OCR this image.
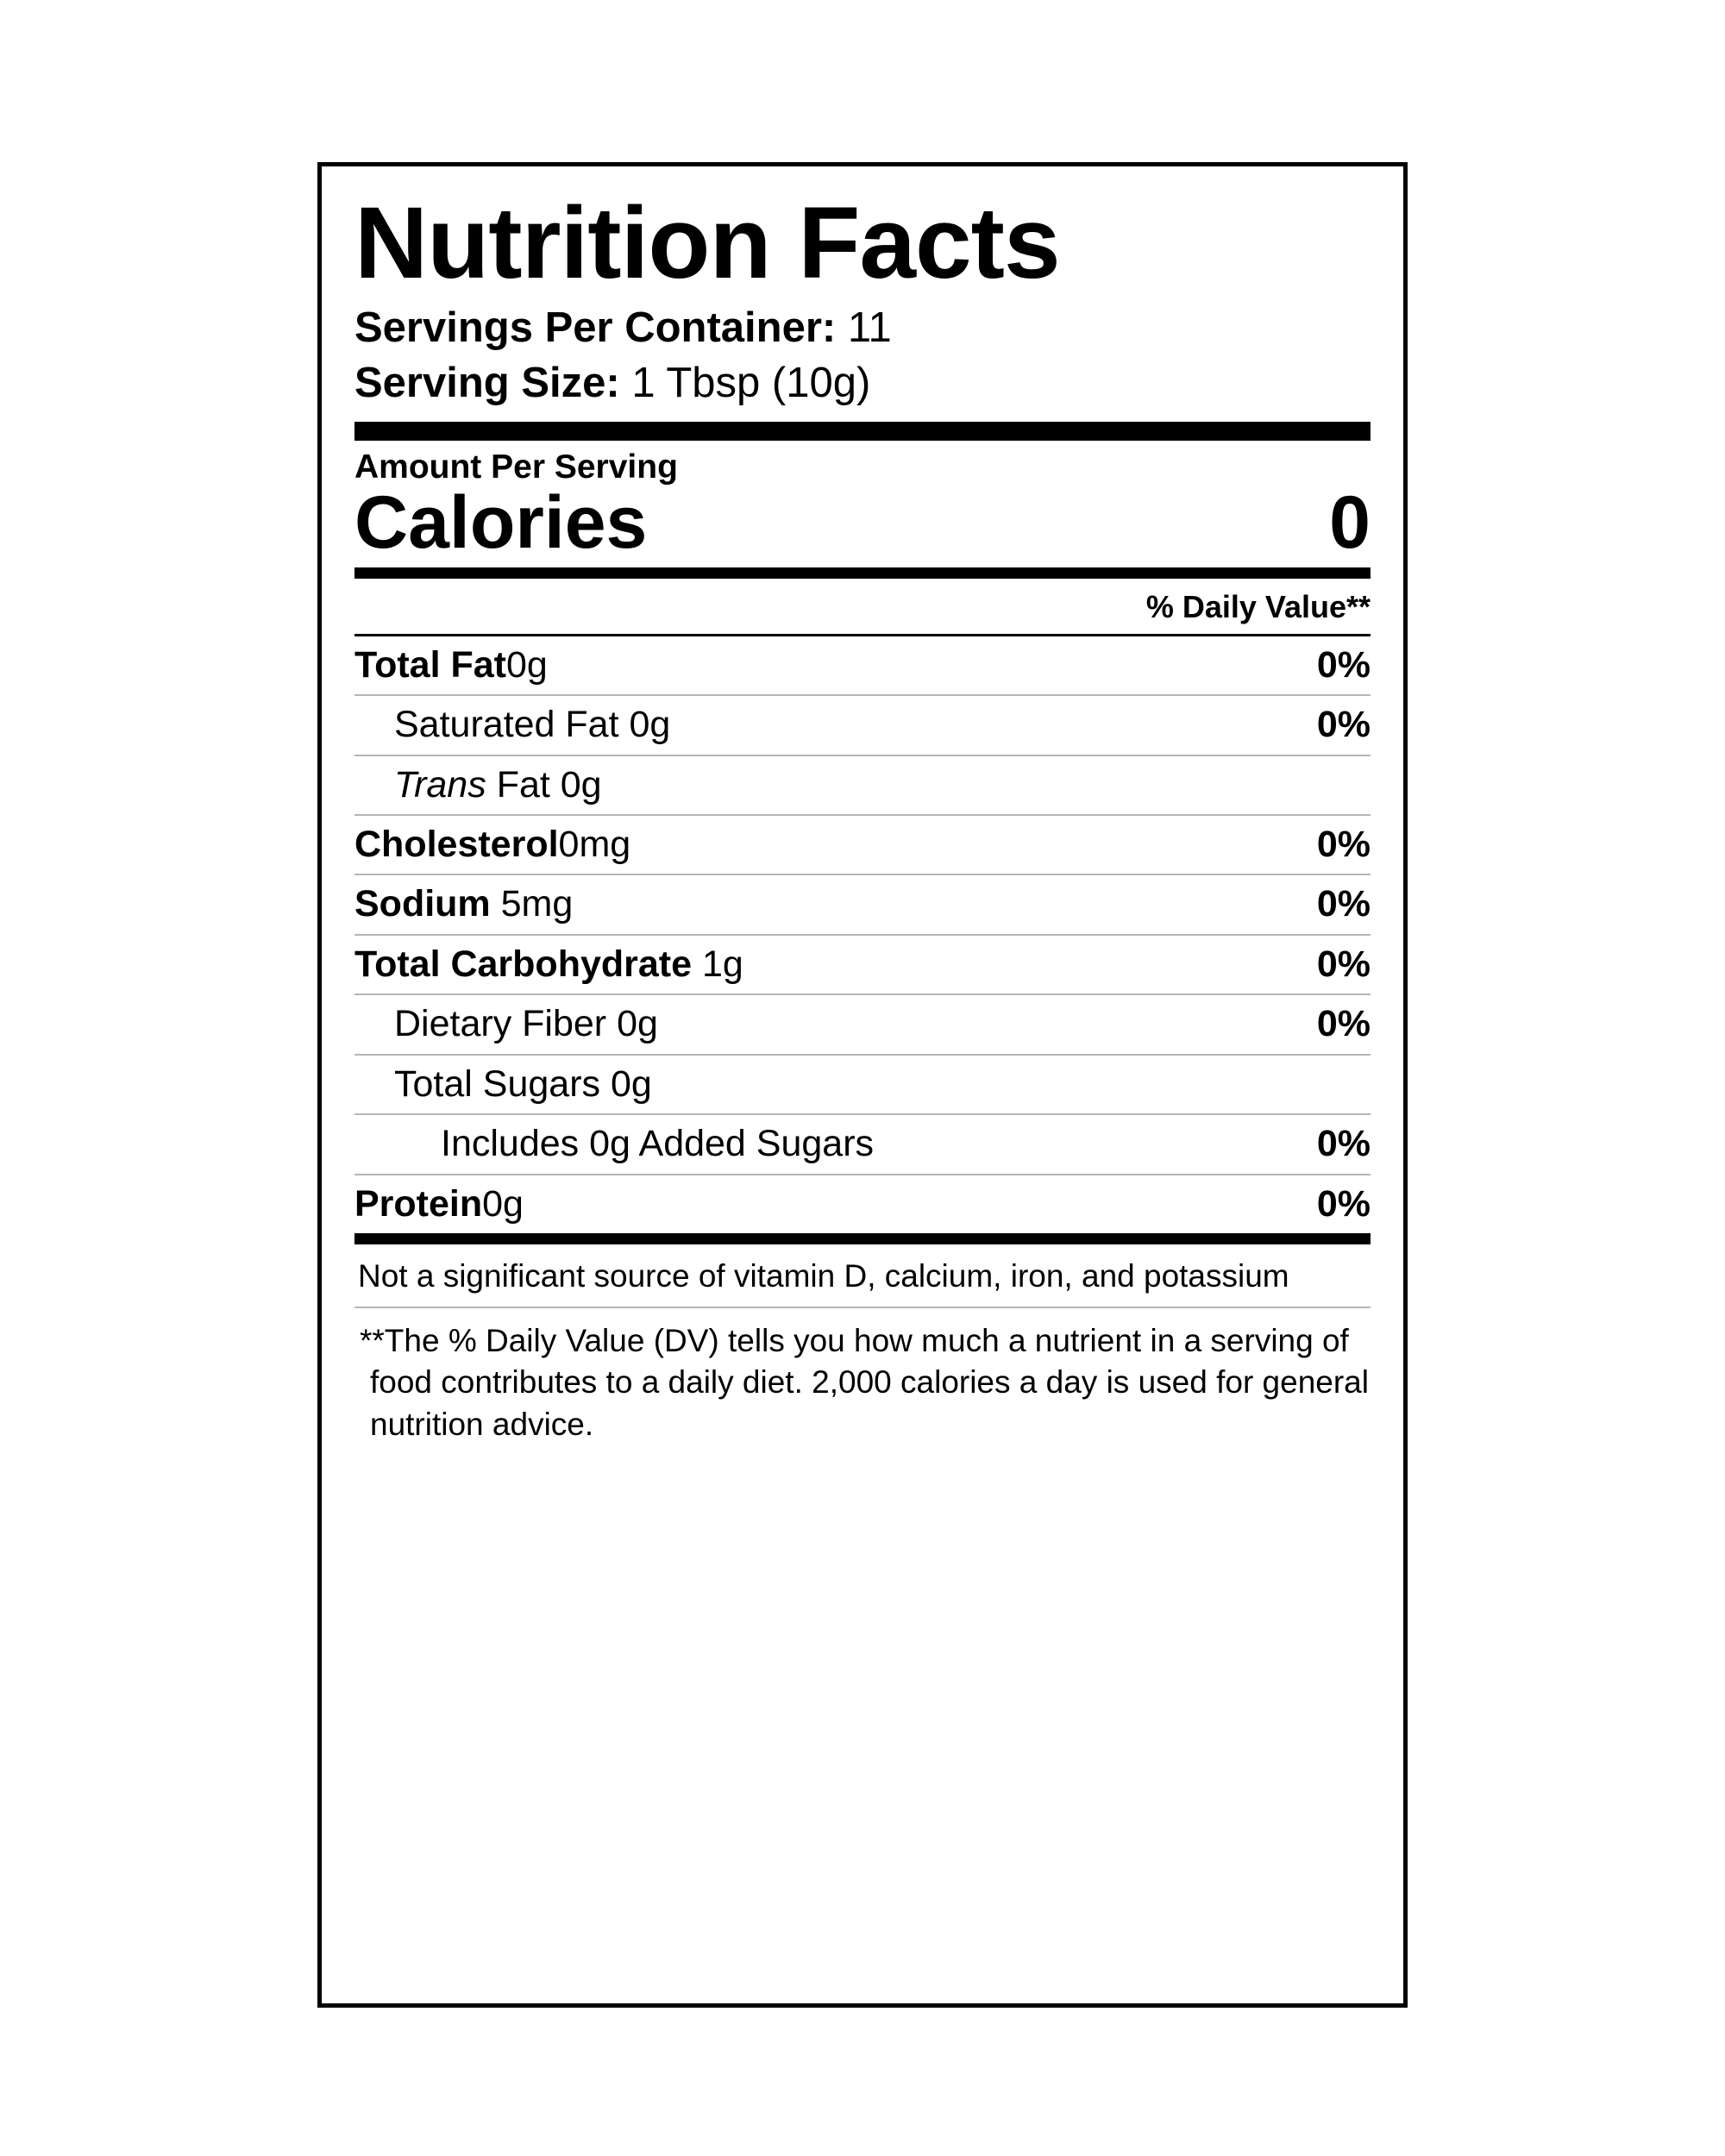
Nutrition Facts
Servings Per Container: 11
Serving Size: 1 Tbsp (10g)
Amount Per Serving
Calories	0
% Daily Value**
Total Fat0g	0%
Saturated Fat 0g	0%
Trans Fat 0g
Cholesterol0mg	0%
Sodium 5mg	0%
Total Carbohydrate 1g	0%
Dietary Fiber 0g	0%
Total Sugars 0g
Includes 0g Added Sugars	0%
Protein0g	0%
Not a significant source of vitamin D, calcium, iron, and potassium
**The % Daily Value (DV) tells you how much a nutrient in a serving of food contributes to a daily diet. 2,000 calories a day is used for general nutrition advice.
